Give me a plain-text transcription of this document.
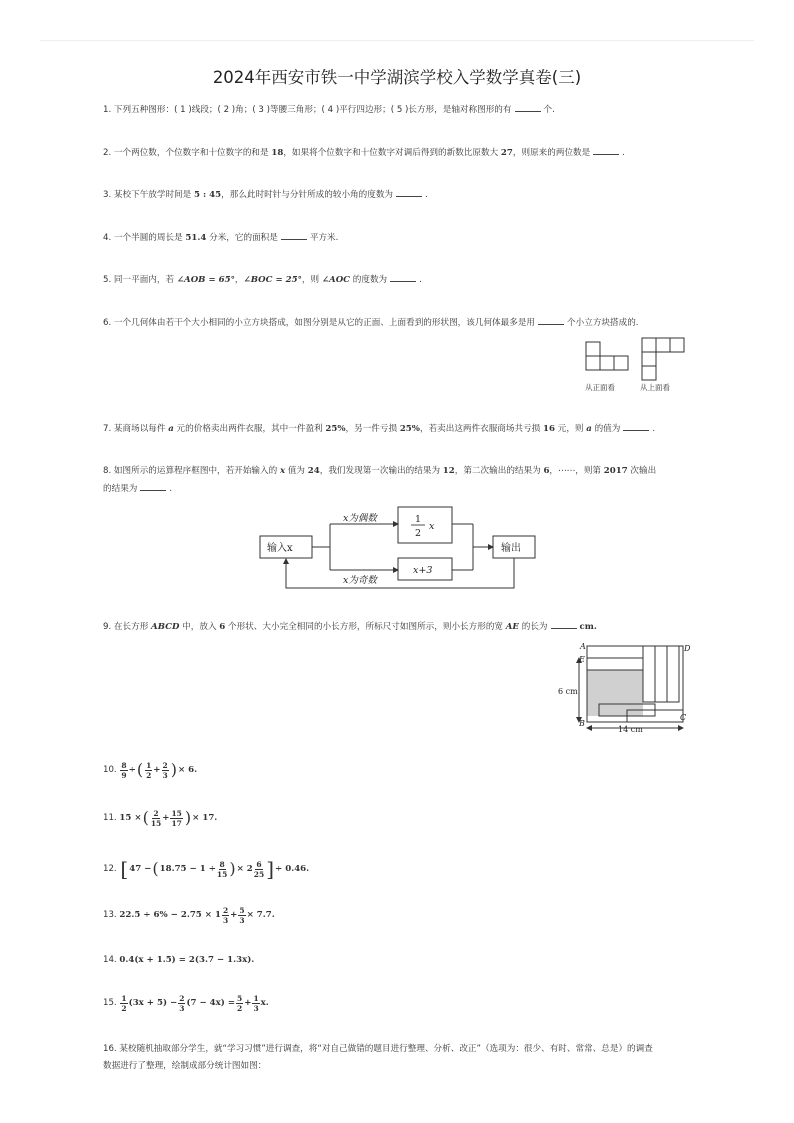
2024年西安市铁一中学湖滨学校入学数学真卷(三)
1. 下列五种图形：( 1 )线段；( 2 )角；( 3 )等腰三角形；( 4 )平行四边形；( 5 )长方形，是轴对称图形的有	个.
2. 一个两位数，个位数字和十位数字的和是 18，如果将个位数字和十位数字对调后得到的新数比原数大 27，则原来的两位数是	.
3. 某校下午放学时间是 5 : 45，那么此时时针与分针所成的较小角的度数为	.
4. 一个半圆的周长是 51.4 分米，它的面积是	平方米.
5. 同一平面内，若 ∠AOB = 65°，∠BOC = 25°，则 ∠AOC 的度数为	.
6. 一个几何体由若干个大小相同的小立方块搭成，如图分别是从它的正面、上面看到的形状图，该几何体最多是用	个小立方块搭成的.
从正面看	从上面看
7. 某商场以每件 a 元的价格卖出两件衣服，其中一件盈利 25%，另一件亏损 25%，若卖出这两件衣服商场共亏损 16 元，则 a 的值为	.
8. 如图所示的运算程序框图中，若开始输入的 x 值为 24，我们发现第一次输出的结果为 12，第二次输出的结果为 6，⋯⋯，则第 2017 次输出
的结果为	.
输入x	输出
x为偶数
x为奇数
1
2
x
x+3
9. 在长方形 ABCD 中，放入 6 个形状、大小完全相同的小长方形，所标尺寸如图所示，则小长方形的宽 AE 的长为	cm.
A	D
E
B
C
6 cm
14 cm
10.
$\frac{8}{9}$ ÷ ( $\frac{1}{2} + \frac{2}{3}$ ) × 6.
11.
15 × ( $\frac{2}{15} + \frac{15}{17}$ ) × 17.
12.
[ 47 − ( $18.75 - 1 \div \frac{8}{15}$ ) × $2 \frac{6}{25}$ ] ÷ 0.46.
13.
$22.5 \div 6\% - 2.75 \times 1 \frac{2}{3} + \frac{5}{3} \times 7.7$.
14.
0.4(x + 1.5) = 2(3.7 − 1.3x).
15.
$\frac{1}{2} (3x + 5) - \frac{2}{3} (7 - 4x) = \frac{5}{2} + \frac{1}{3} x$.
16. 某校随机抽取部分学生，就“学习习惯”进行调查，将“对自己做错的题目进行整理、分析、改正”（选项为：很少、有时、常常、总是）的调查
数据进行了整理，绘制成部分统计图如图：
